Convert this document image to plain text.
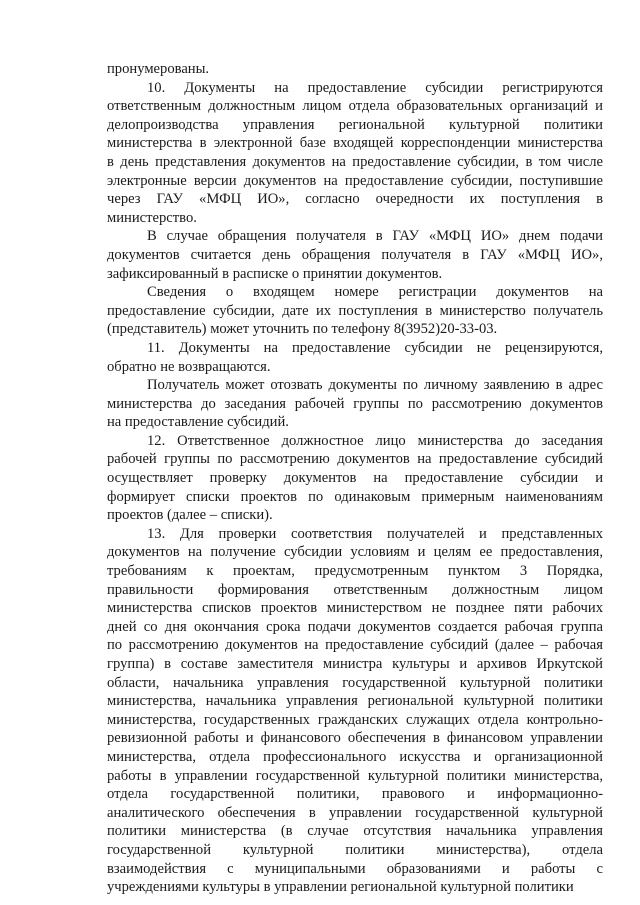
пронумерованы.
10. Документы на предоставление субсидии регистрируются
ответственным должностным лицом отдела образовательных организаций и
делопроизводства управления региональной культурной политики
министерства в электронной базе входящей корреспонденции министерства
в день представления документов на предоставление субсидии, в том числе
электронные версии документов на предоставление субсидии, поступившие
через ГАУ «МФЦ ИО», согласно очередности их поступления в
министерство.
В случае обращения получателя в ГАУ «МФЦ ИО» днем подачи
документов считается день обращения получателя в ГАУ «МФЦ ИО»,
зафиксированный в расписке о принятии документов.
Сведения о входящем номере регистрации документов на
предоставление субсидии, дате их поступления в министерство получатель
(представитель) может уточнить по телефону 8(3952)20-33-03.
11. Документы на предоставление субсидии не рецензируются,
обратно не возвращаются.
Получатель может отозвать документы по личному заявлению в адрес
министерства до заседания рабочей группы по рассмотрению документов
на предоставление субсидий.
12. Ответственное должностное лицо министерства до заседания
рабочей группы по рассмотрению документов на предоставление субсидий
осуществляет проверку документов на предоставление субсидии и
формирует списки проектов по одинаковым примерным наименованиям
проектов (далее – списки).
13. Для проверки соответствия получателей и представленных
документов на получение субсидии условиям и целям ее предоставления,
требованиям к проектам, предусмотренным пунктом 3 Порядка,
правильности формирования ответственным должностным лицом
министерства списков проектов министерством не позднее пяти рабочих
дней со дня окончания срока подачи документов создается рабочая группа
по рассмотрению документов на предоставление субсидий (далее – рабочая
группа) в составе заместителя министра культуры и архивов Иркутской
области, начальника управления государственной культурной политики
министерства, начальника управления региональной культурной политики
министерства, государственных гражданских служащих отдела контрольно-
ревизионной работы и финансового обеспечения в финансовом управлении
министерства, отдела профессионального искусства и организационной
работы в управлении государственной культурной политики министерства,
отдела государственной политики, правового и информационно-
аналитического обеспечения в управлении государственной культурной
политики министерства (в случае отсутствия начальника управления
государственной культурной политики министерства), отдела
взаимодействия с муниципальными образованиями и работы с
учреждениями культуры в управлении региональной культурной политики
